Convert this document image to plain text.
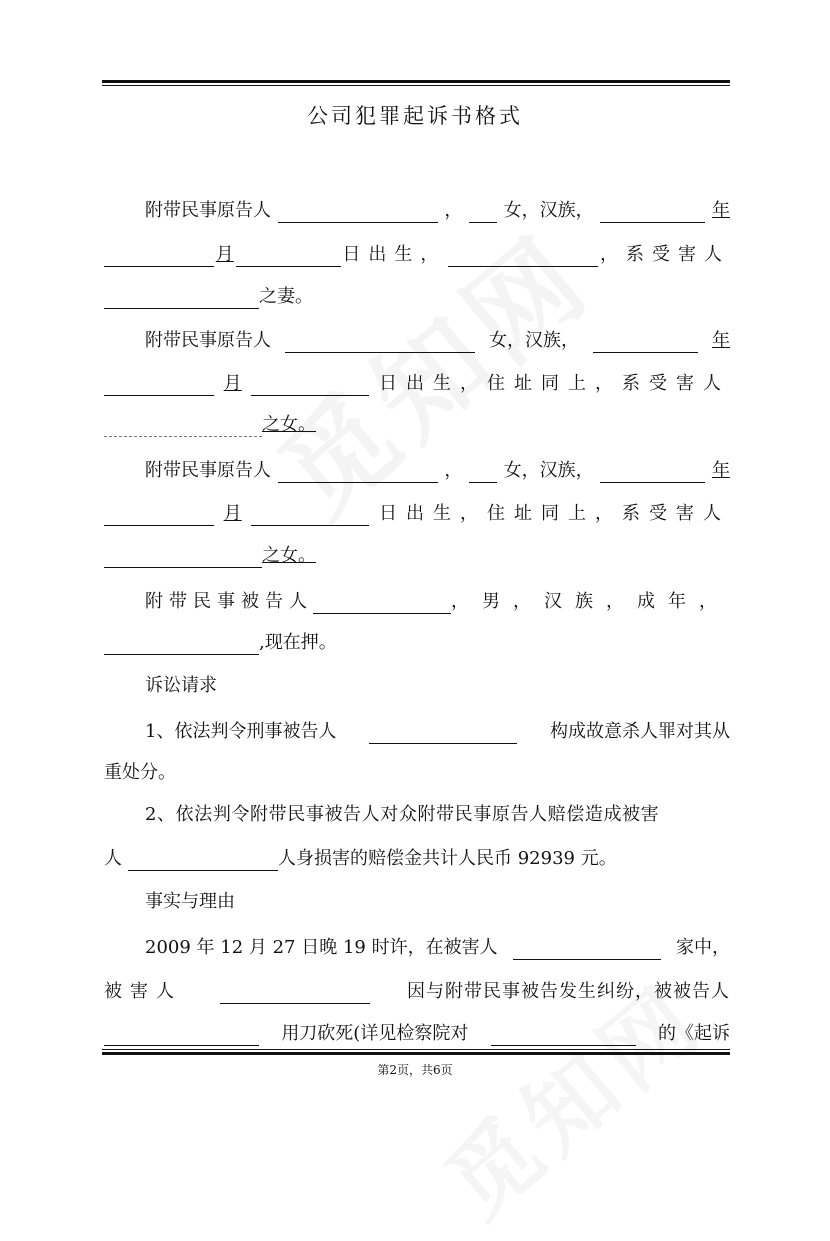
公司犯罪起诉书格式
附带民事原告人	， 女，汉族，	年
月	日出生，	，系受害人
之妻。
附带民事原告人	女，汉族，	年
月	日出生，住址同上，系受害人
之女。
附带民事原告人	， 女，汉族，	年
月	日出生，住址同上，系受害人
之女。
附带民事被告人	，男，汉族，成年，
,现在押。
诉讼请求
1、依法判令刑事被告人	构成故意杀人罪对其从
重处分。
2、依法判令附带民事被告人对众附带民事原告人赔偿造成被害
人	人身损害的赔偿金共计人民币 92939 元。
事实与理由
2009 年 12 月 27 日晚 19 时许，在被害人	家中，
被害人	因与附带民事被告发生纠纷，被被告人
用刀砍死(详见检察院对	的《起诉
第2页，共6页
